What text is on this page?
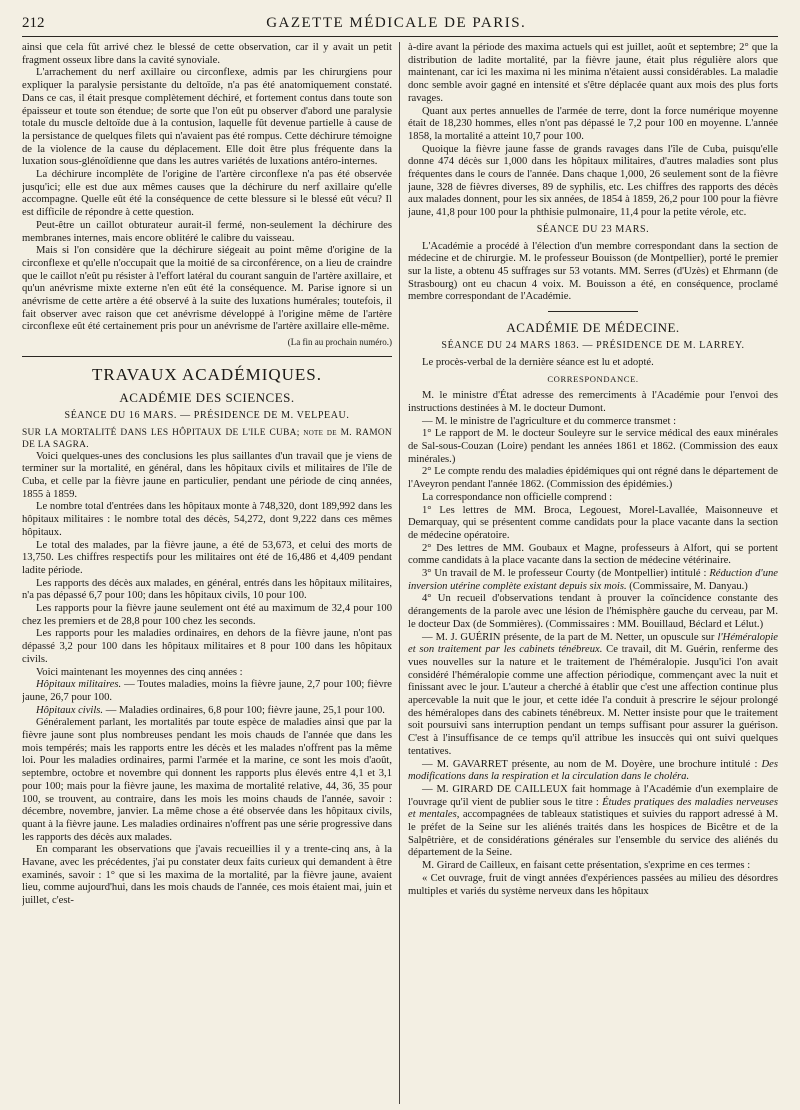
212	GAZETTE MÉDICALE DE PARIS.

ainsi que cela fût arrivé chez le blessé de cette observation, car il y avait un petit fragment osseux libre dans la cavité synoviale.

L'arrachement du nerf axillaire ou circonflexe, admis par les chirurgiens pour expliquer la paralysie persistante du deltoïde, n'a pas été anatomiquement constaté. Dans ce cas, il était presque complètement déchiré, et fortement contus dans toute son épaisseur et toute son étendue; de sorte que l'on eût pu observer d'abord une paralysie totale du muscle deltoïde due à la contusion, laquelle fût devenue partielle à cause de la persistance de quelques filets qui n'avaient pas été rompus. Cette déchirure témoigne de la violence de la cause du déplacement. Elle doit être plus fréquente dans la luxation sous-glénoïdienne que dans les autres variétés de luxations antéro-internes.

La déchirure incomplète de l'origine de l'artère circonflexe n'a pas été observée jusqu'ici; elle est due aux mêmes causes que la déchirure du nerf axillaire qu'elle accompagne. Quelle eût été la conséquence de cette blessure si le blessé eût vécu? Il est difficile de répondre à cette question.

Peut-être un caillot obturateur aurait-il fermé, non-seulement la déchirure des membranes internes, mais encore oblitéré le calibre du vaisseau.

Mais si l'on considère que la déchirure siégeait au point même d'origine de la circonflexe et qu'elle n'occupait que la moitié de sa circonférence, on a lieu de craindre que le caillot n'eût pu résister à l'effort latéral du courant sanguin de l'artère axillaire, et qu'un anévrisme mixte externe n'en eût été la conséquence. M. Parise ignore si un anévrisme de cette artère a été observé à la suite des luxations humérales; toutefois, il fait observer avec raison que cet anévrisme développé à l'origine même de l'artère circonflexe eût été certainement pris pour un anévrisme de l'artère axillaire elle-même.

(La fin au prochain numéro.)
TRAVAUX ACADÉMIQUES.
ACADÉMIE DES SCIENCES.
SÉANCE DU 16 MARS. — PRÉSIDENCE DE M. VELPEAU.

SUR LA MORTALITÉ DANS LES HÔPITAUX DE L'ILE CUBA; note de M. RAMON DE LA SAGRA.

Voici quelques-unes des conclusions les plus saillantes d'un travail que je viens de terminer sur la mortalité, en général, dans les hôpitaux civils et militaires de l'île de Cuba, et celle par la fièvre jaune en particulier, pendant une période de cinq années, 1855 à 1859.

Le nombre total d'entrées dans les hôpitaux monte à 748,320, dont 189,992 dans les hôpitaux militaires : le nombre total des décès, 54,272, dont 9,222 dans ces mêmes hôpitaux.

Le total des malades, par la fièvre jaune, a été de 53,673, et celui des morts de 13,750. Les chiffres respectifs pour les militaires ont été de 16,486 et 4,409 pendant ladite période.

Les rapports des décès aux malades, en général, entrés dans les hôpitaux militaires, n'a pas dépassé 6,7 pour 100; dans les hôpitaux civils, 10 pour 100.

Les rapports pour la fièvre jaune seulement ont été au maximum de 32,4 pour 100 chez les premiers et de 28,8 pour 100 chez les seconds.

Les rapports pour les maladies ordinaires, en dehors de la fièvre jaune, n'ont pas dépassé 3,2 pour 100 dans les hôpitaux militaires et 8 pour 100 dans les hôpitaux civils.

Voici maintenant les moyennes des cinq années :

Hôpitaux militaires. — Toutes maladies, moins la fièvre jaune, 2,7 pour 100; fièvre jaune, 26,7 pour 100.

Hôpitaux civils. — Maladies ordinaires, 6,8 pour 100; fièvre jaune, 25,1 pour 100.

Généralement parlant, les mortalités par toute espèce de maladies ainsi que par la fièvre jaune sont plus nombreuses pendant les mois chauds de l'année que dans les mois tempérés; mais les rapports entre les décès et les malades n'offrent pas la même loi. Pour les maladies ordinaires, parmi l'armée et la marine, ce sont les mois d'août, septembre, octobre et novembre qui donnent les rapports plus élevés entre 4,1 et 3,1 pour 100; mais pour la fièvre jaune, les maxima de mortalité relative, 44, 36, 35 pour 100, se trouvent, au contraire, dans les mois les moins chauds de l'année, savoir : décembre, novembre, janvier. La même chose a été observée dans les hôpitaux civils, quant à la fièvre jaune. Les maladies ordinaires n'offrent pas une série progressive dans les rapports des décès aux malades.

En comparant les observations que j'avais recueillies il y a trente-cinq ans, à la Havane, avec les précédentes, j'ai pu constater deux faits curieux qui demandent à être examinés, savoir : 1° que si les maxima de la mortalité, par la fièvre jaune, avaient lieu, comme aujourd'hui, dans les mois chauds de l'année, ces mois étaient mai, juin et juillet, c'est-

à-dire avant la période des maxima actuels qui est juillet, août et septembre; 2° que la distribution de ladite mortalité, par la fièvre jaune, était plus régulière alors que maintenant, car ici les maxima ni les minima n'étaient aussi considérables. La maladie donc semble avoir gagné en intensité et s'être déplacée quant aux mois des plus forts ravages.

Quant aux pertes annuelles de l'armée de terre, dont la force numérique moyenne était de 18,230 hommes, elles n'ont pas dépassé le 7,2 pour 100 en moyenne. L'année 1858, la mortalité a atteint 10,7 pour 100.

Quoique la fièvre jaune fasse de grands ravages dans l'île de Cuba, puisqu'elle donne 474 décès sur 1,000 dans les hôpitaux militaires, d'autres maladies sont plus fréquentes dans le cours de l'année. Dans chaque 1,000, 26 seulement sont de la fièvre jaune, 328 de fièvres diverses, 89 de syphilis, etc. Les chiffres des rapports des décès aux malades donnent, pour les six années, de 1854 à 1859, 26,2 pour 100 pour la fièvre jaune, 41,8 pour 100 pour la phthisie pulmonaire, 11,4 pour la petite vérole, etc.

SÉANCE DU 23 MARS.

L'Académie a procédé à l'élection d'un membre correspondant dans la section de médecine et de chirurgie. M. le professeur Bouisson (de Montpellier), porté le premier sur la liste, a obtenu 45 suffrages sur 53 votants. MM. Serres (d'Uzès) et Ehrmann (de Strasbourg) ont eu chacun 4 voix. M. Bouisson a été, en conséquence, proclamé membre correspondant de l'Académie.

ACADÉMIE DE MÉDECINE.
SÉANCE DU 24 MARS 1863. — PRÉSIDENCE DE M. LARREY.

Le procès-verbal de la dernière séance est lu et adopté.

CORRESPONDANCE.

M. le ministre d'État adresse des remerciments à l'Académie pour l'envoi des instructions destinées à M. le docteur Dumont.

— M. le ministre de l'agriculture et du commerce transmet :

1° Le rapport de M. le docteur Souleyre sur le service médical des eaux minérales de Sal-sous-Couzan (Loire) pendant les années 1861 et 1862. (Commission des eaux minérales.)

2° Le compte rendu des maladies épidémiques qui ont régné dans le département de l'Aveyron pendant l'année 1862. (Commission des épidémies.)

La correspondance non officielle comprend :

1° Les lettres de MM. Broca, Legouest, Morel-Lavallée, Maisonneuve et Demarquay, qui se présentent comme candidats pour la place vacante dans la section de médecine opératoire.

2° Des lettres de MM. Goubaux et Magne, professeurs à Alfort, qui se portent comme candidats à la place vacante dans la section de médecine vétérinaire.

3° Un travail de M. le professeur Courty (de Montpellier) intitulé : Réduction d'une inversion utérine complète existant depuis six mois. (Commissaire, M. Danyau.)

4° Un recueil d'observations tendant à prouver la coïncidence constante des dérangements de la parole avec une lésion de l'hémisphère gauche du cerveau, par M. le docteur Dax (de Sommières). (Commissaires : MM. Bouillaud, Béclard et Lélut.)

— M. J. GUÉRIN présente, de la part de M. Netter, un opuscule sur l'Héméralopie et son traitement par les cabinets ténébreux. Ce travail, dit M. Guérin, renferme des vues nouvelles sur la nature et le traitement de l'héméralopie. Jusqu'ici l'on avait considéré l'héméralopie comme une affection périodique, commençant avec la nuit et finissant avec le jour. L'auteur a cherché à établir que c'est une affection continue plus apercevable la nuit que le jour, et cette idée l'a conduit à prescrire le séjour prolongé des héméralopes dans des cabinets ténébreux. M. Netter insiste pour que le traitement soit poursuivi sans interruption pendant un temps suffisant pour assurer la guérison. C'est à l'insuffisance de ce temps qu'il attribue les insuccès qui ont suivi quelques tentatives.

— M. GAVARRET présente, au nom de M. Doyère, une brochure intitulé : Des modifications dans la respiration et la circulation dans le choléra.

— M. GIRARD DE CAILLEUX fait hommage à l'Académie d'un exemplaire de l'ouvrage qu'il vient de publier sous le titre : Études pratiques des maladies nerveuses et mentales, accompagnées de tableaux statistiques et suivies du rapport adressé à M. le préfet de la Seine sur les aliénés traités dans les hospices de Bicêtre et de la Salpêtrière, et de considérations générales sur l'ensemble du service des aliénés du département de la Seine.

M. Girard de Cailleux, en faisant cette présentation, s'exprime en ces termes :

« Cet ouvrage, fruit de vingt années d'expériences passées au milieu des désordres multiples et variés du système nerveux dans les hôpitaux
